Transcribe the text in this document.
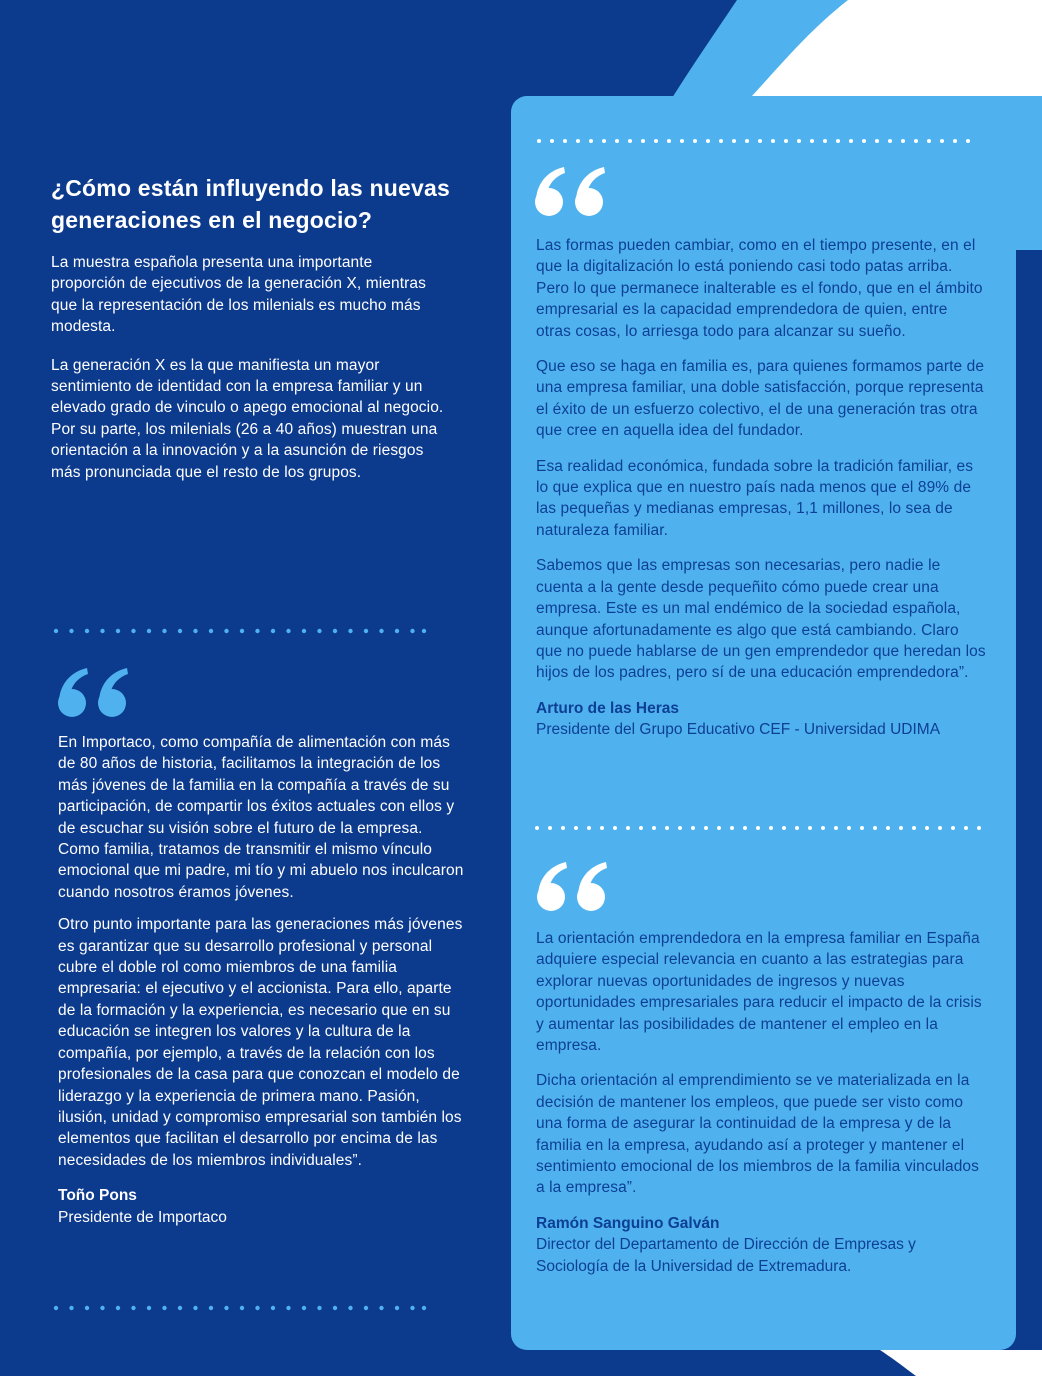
¿Cómo están influyendo las nuevas generaciones en el negocio?

La muestra española presenta una importante proporción de ejecutivos de la generación X, mientras que la representación de los milenials es mucho más modesta.

La generación X es la que manifiesta un mayor sentimiento de identidad con la empresa familiar y un elevado grado de vinculo o apego emocional al negocio. Por su parte, los milenials (26 a 40 años) muestran una orientación a la innovación y a la asunción de riesgos más pronunciada que el resto de los grupos.

En Importaco, como compañía de alimentación con más de 80 años de historia, facilitamos la integración de los más jóvenes de la familia en la compañía a través de su participación, de compartir los éxitos actuales con ellos y de escuchar su visión sobre el futuro de la empresa. Como familia, tratamos de transmitir el mismo vínculo emocional que mi padre, mi tío y mi abuelo nos inculcaron cuando nosotros éramos jóvenes.

Otro punto importante para las generaciones más jóvenes es garantizar que su desarrollo profesional y personal cubre el doble rol como miembros de una familia empresaria: el ejecutivo y el accionista. Para ello, aparte de la formación y la experiencia, es necesario que en su educación se integren los valores y la cultura de la compañía, por ejemplo, a través de la relación con los profesionales de la casa para que conozcan el modelo de liderazgo y la experiencia de primera mano. Pasión, ilusión, unidad y compromiso empresarial son también los elementos que facilitan el desarrollo por encima de las necesidades de los miembros individuales”.

Toño Pons

Presidente de Importaco

Las formas pueden cambiar, como en el tiempo presente, en el que la digitalización lo está poniendo casi todo patas arriba. Pero lo que permanece inalterable es el fondo, que en el ámbito empresarial es la capacidad emprendedora de quien, entre otras cosas, lo arriesga todo para alcanzar su sueño.

Que eso se haga en familia es, para quienes formamos parte de una empresa familiar, una doble satisfacción, porque representa el éxito de un esfuerzo colectivo, el de una generación tras otra que cree en aquella idea del fundador.

Esa realidad económica, fundada sobre la tradición familiar, es lo que explica que en nuestro país nada menos que el 89% de las pequeñas y medianas empresas, 1,1 millones, lo sea de naturaleza familiar.

Sabemos que las empresas son necesarias, pero nadie le cuenta a la gente desde pequeñito cómo puede crear una empresa. Este es un mal endémico de la sociedad española, aunque afortunadamente es algo que está cambiando. Claro que no puede hablarse de un gen emprendedor que heredan los hijos de los padres, pero sí de una educación emprendedora”.

Arturo de las Heras

Presidente del Grupo Educativo CEF - Universidad UDIMA

La orientación emprendedora en la empresa familiar en España adquiere especial relevancia en cuanto a las estrategias para explorar nuevas oportunidades de ingresos y nuevas oportunidades empresariales para reducir el impacto de la crisis y aumentar las posibilidades de mantener el empleo en la empresa.

Dicha orientación al emprendimiento se ve materializada en la decisión de mantener los empleos, que puede ser visto como una forma de asegurar la continuidad de la empresa y de la familia en la empresa, ayudando así a proteger y mantener el sentimiento emocional de los miembros de la familia vinculados a la empresa”.

Ramón Sanguino Galván

Director del Departamento de Dirección de Empresas y Sociología de la Universidad de Extremadura.
